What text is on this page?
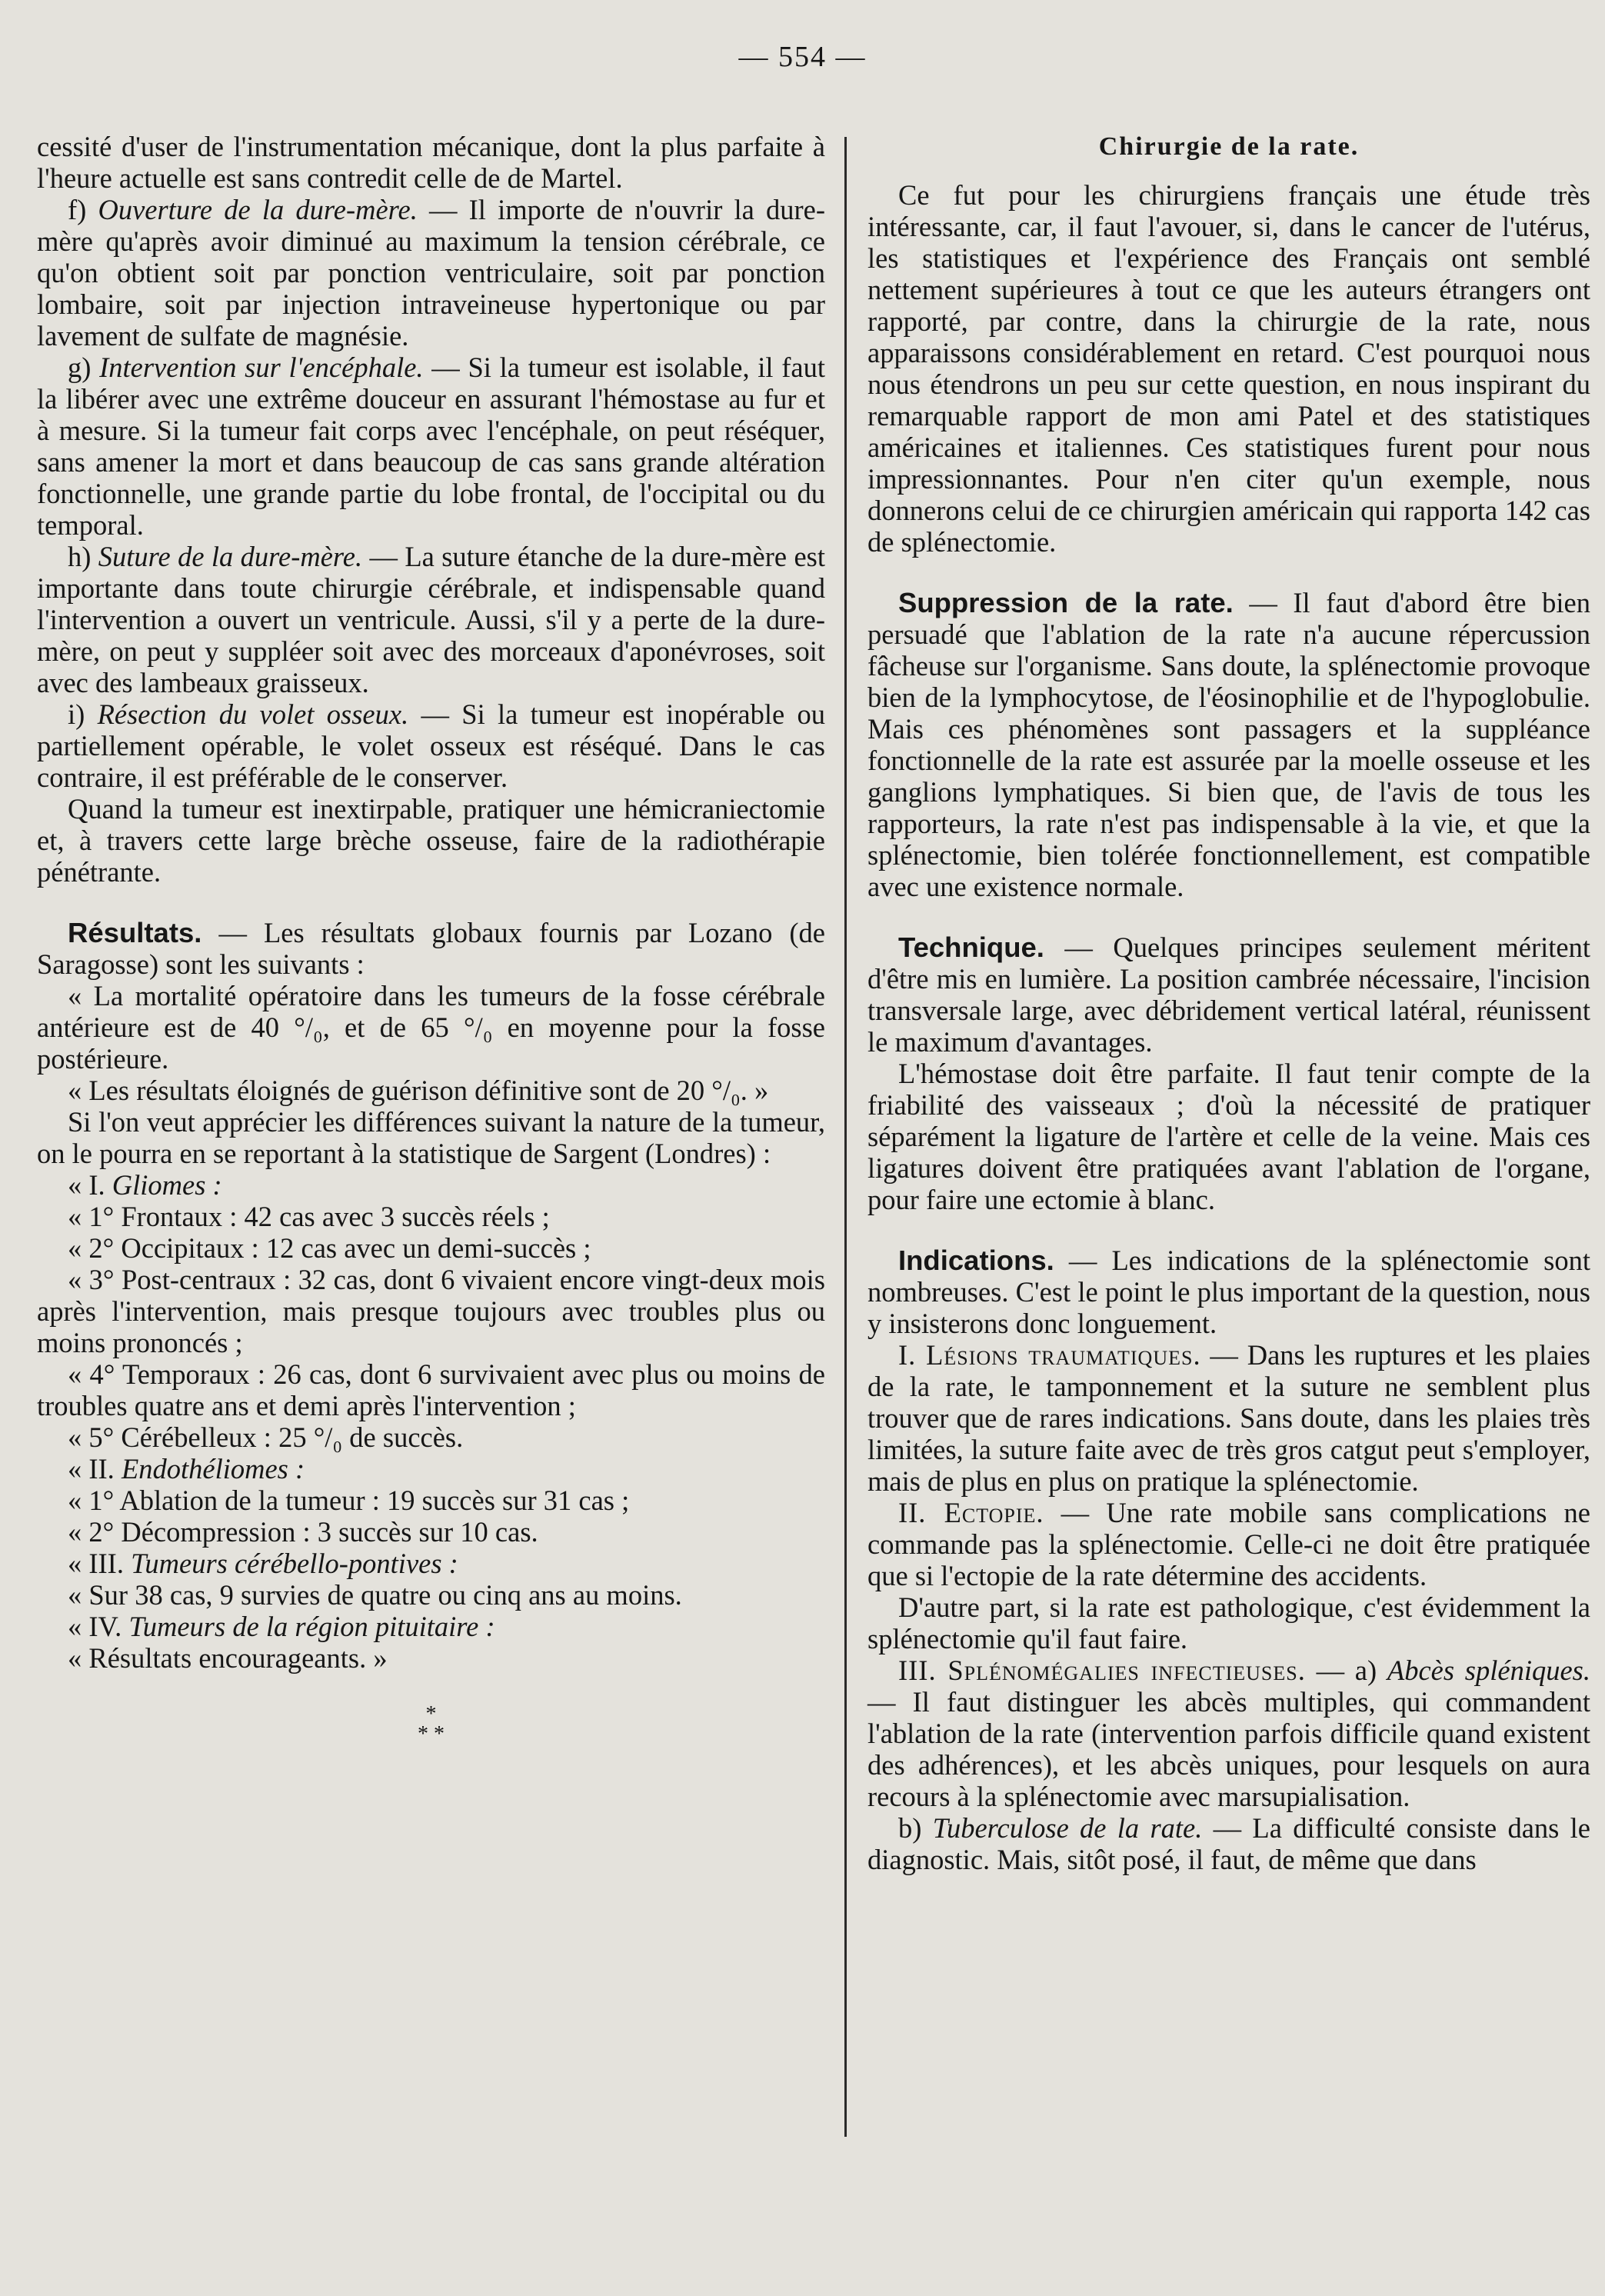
— 554 —

cessité d'user de l'instrumentation mécanique, dont la plus parfaite à l'heure actuelle est sans contredit celle de de Martel.

f) Ouverture de la dure-mère. — Il importe de n'ouvrir la dure-mère qu'après avoir diminué au maximum la tension cérébrale, ce qu'on obtient soit par ponction ventriculaire, soit par ponction lombaire, soit par injection intraveineuse hypertonique ou par lavement de sulfate de magnésie.

g) Intervention sur l'encéphale. — Si la tumeur est isolable, il faut la libérer avec une extrême douceur en assurant l'hémostase au fur et à mesure. Si la tumeur fait corps avec l'encéphale, on peut réséquer, sans amener la mort et dans beaucoup de cas sans grande altération fonctionnelle, une grande partie du lobe frontal, de l'occipital ou du temporal.

h) Suture de la dure-mère. — La suture étanche de la dure-mère est importante dans toute chirurgie cérébrale, et indispensable quand l'intervention a ouvert un ventricule. Aussi, s'il y a perte de la dure-mère, on peut y suppléer soit avec des morceaux d'aponévroses, soit avec des lambeaux graisseux.

i) Résection du volet osseux. — Si la tumeur est inopérable ou partiellement opérable, le volet osseux est réséqué. Dans le cas contraire, il est préférable de le conserver.

Quand la tumeur est inextirpable, pratiquer une hémicraniectomie et, à travers cette large brèche osseuse, faire de la radiothérapie pénétrante.

Résultats. — Les résultats globaux fournis par Lozano (de Saragosse) sont les suivants :

« La mortalité opératoire dans les tumeurs de la fosse cérébrale antérieure est de 40 °/₀, et de 65 °/₀ en moyenne pour la fosse postérieure.

« Les résultats éloignés de guérison définitive sont de 20 °/₀. »

Si l'on veut apprécier les différences suivant la nature de la tumeur, on le pourra en se reportant à la statistique de Sargent (Londres) :

« I. Gliomes :

« 1° Frontaux : 42 cas avec 3 succès réels ;

« 2° Occipitaux : 12 cas avec un demi-succès ;

« 3° Post-centraux : 32 cas, dont 6 vivaient encore vingt-deux mois après l'intervention, mais presque toujours avec troubles plus ou moins prononcés ;

« 4° Temporaux : 26 cas, dont 6 survivaient avec plus ou moins de troubles quatre ans et demi après l'intervention ;

« 5° Cérébelleux : 25 °/₀ de succès.

« II. Endothéliomes :

« 1° Ablation de la tumeur : 19 succès sur 31 cas ;

« 2° Décompression : 3 succès sur 10 cas.

« III. Tumeurs cérébello-pontives :

« Sur 38 cas, 9 survies de quatre ou cinq ans au moins.

« IV. Tumeurs de la région pituitaire :

« Résultats encourageants. »

*
* *

Chirurgie de la rate.

Ce fut pour les chirurgiens français une étude très intéressante, car, il faut l'avouer, si, dans le cancer de l'utérus, les statistiques et l'expérience des Français ont semblé nettement supérieures à tout ce que les auteurs étrangers ont rapporté, par contre, dans la chirurgie de la rate, nous apparaissons considérablement en retard. C'est pourquoi nous nous étendrons un peu sur cette question, en nous inspirant du remarquable rapport de mon ami Patel et des statistiques américaines et italiennes. Ces statistiques furent pour nous impressionnantes. Pour n'en citer qu'un exemple, nous donnerons celui de ce chirurgien américain qui rapporta 142 cas de splénectomie.

Suppression de la rate. — Il faut d'abord être bien persuadé que l'ablation de la rate n'a aucune répercussion fâcheuse sur l'organisme. Sans doute, la splénectomie provoque bien de la lymphocytose, de l'éosinophilie et de l'hypoglobulie. Mais ces phénomènes sont passagers et la suppléance fonctionnelle de la rate est assurée par la moelle osseuse et les ganglions lymphatiques. Si bien que, de l'avis de tous les rapporteurs, la rate n'est pas indispensable à la vie, et que la splénectomie, bien tolérée fonctionnellement, est compatible avec une existence normale.

Technique. — Quelques principes seulement méritent d'être mis en lumière. La position cambrée nécessaire, l'incision transversale large, avec débridement vertical latéral, réunissent le maximum d'avantages.

L'hémostase doit être parfaite. Il faut tenir compte de la friabilité des vaisseaux ; d'où la nécessité de pratiquer séparément la ligature de l'artère et celle de la veine. Mais ces ligatures doivent être pratiquées avant l'ablation de l'organe, pour faire une ectomie à blanc.

Indications. — Les indications de la splénectomie sont nombreuses. C'est le point le plus important de la question, nous y insisterons donc longuement.

I. Lésions traumatiques. — Dans les ruptures et les plaies de la rate, le tamponnement et la suture ne semblent plus trouver que de rares indications. Sans doute, dans les plaies très limitées, la suture faite avec de très gros catgut peut s'employer, mais de plus en plus on pratique la splénectomie.

II. Ectopie. — Une rate mobile sans complications ne commande pas la splénectomie. Celle-ci ne doit être pratiquée que si l'ectopie de la rate détermine des accidents.

D'autre part, si la rate est pathologique, c'est évidemment la splénectomie qu'il faut faire.

III. Splénomégalies infectieuses. — a) Abcès spléniques. — Il faut distinguer les abcès multiples, qui commandent l'ablation de la rate (intervention parfois difficile quand existent des adhérences), et les abcès uniques, pour lesquels on aura recours à la splénectomie avec marsupialisation.

b) Tuberculose de la rate. — La difficulté consiste dans le diagnostic. Mais, sitôt posé, il faut, de même que dans
